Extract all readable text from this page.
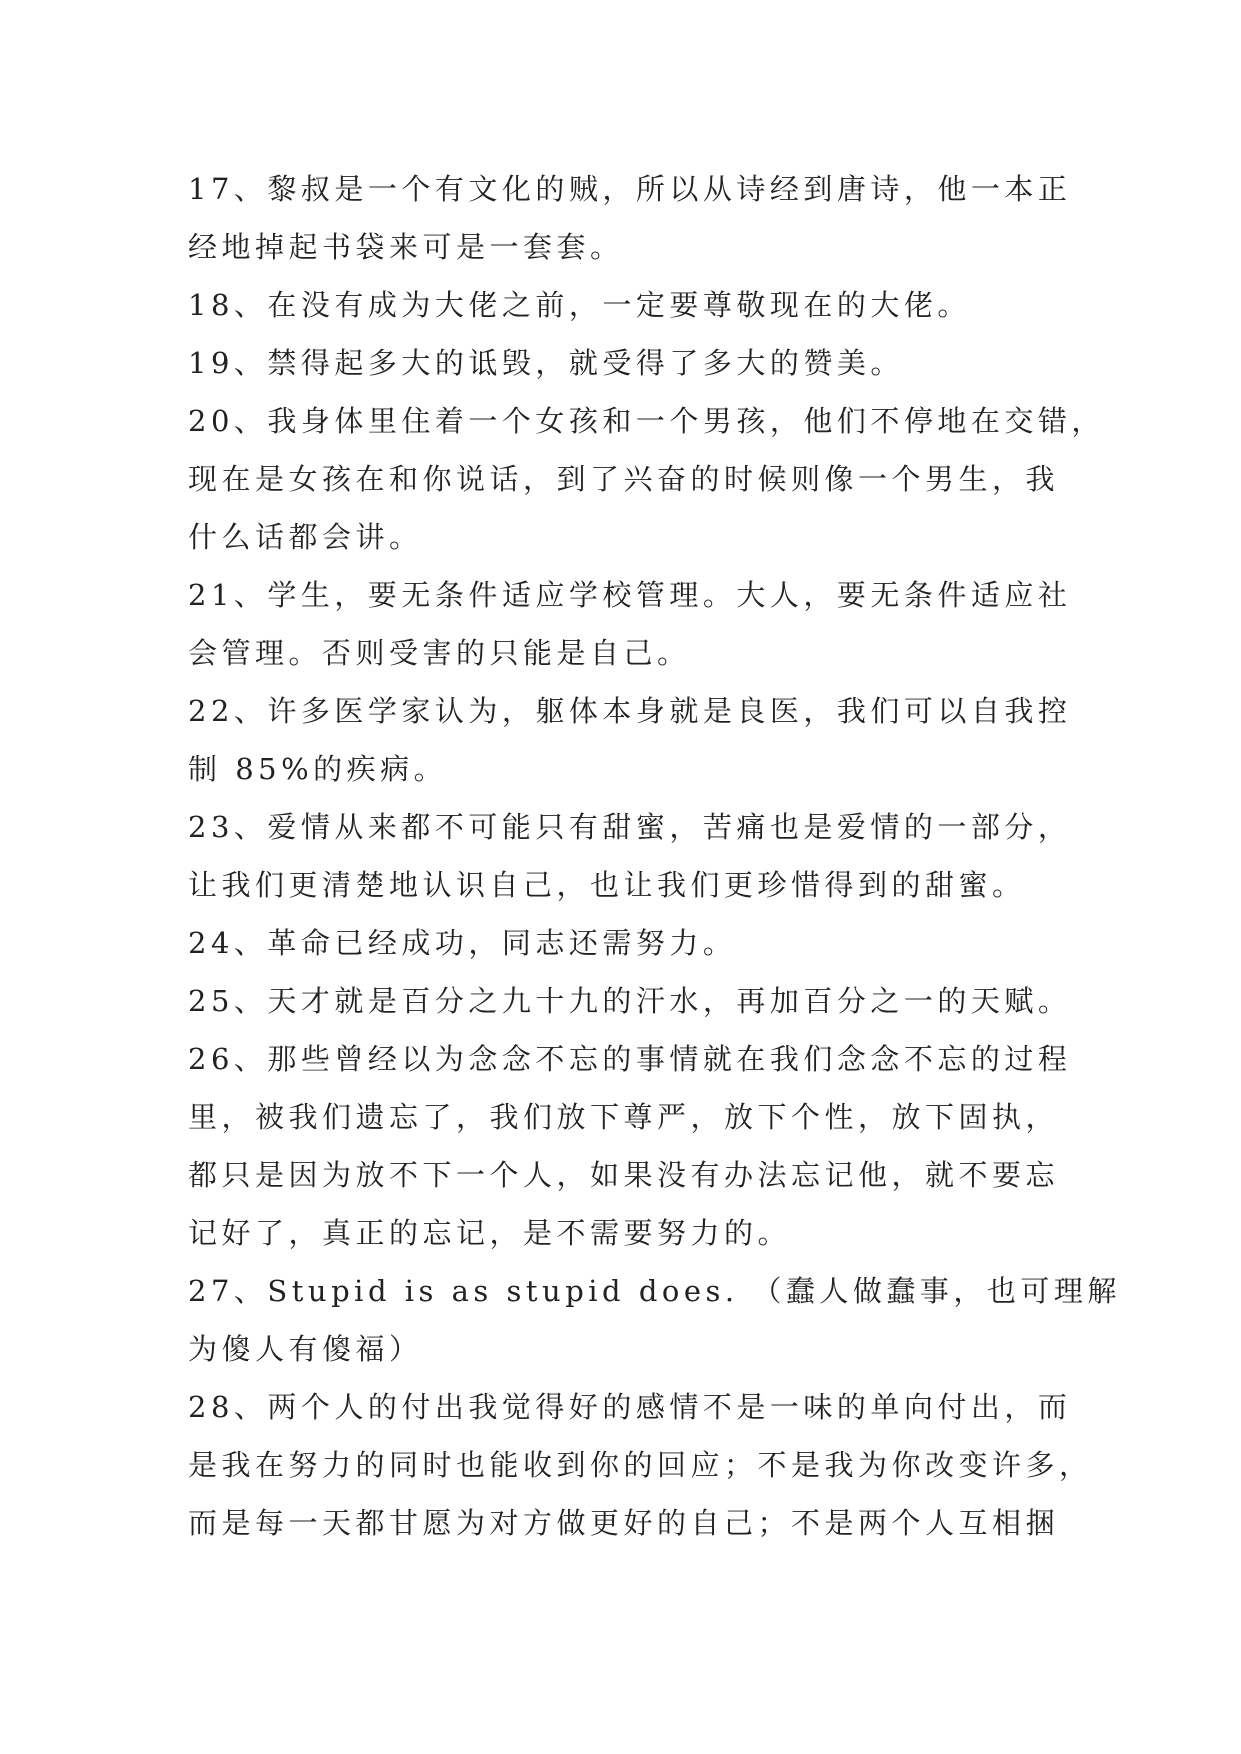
17、黎叔是一个有文化的贼，所以从诗经到唐诗，他一本正
经地掉起书袋来可是一套套。
18、在没有成为大佬之前，一定要尊敬现在的大佬。
19、禁得起多大的诋毁，就受得了多大的赞美。
20、我身体里住着一个女孩和一个男孩，他们不停地在交错，
现在是女孩在和你说话，到了兴奋的时候则像一个男生，我
什么话都会讲。
21、学生，要无条件适应学校管理。大人，要无条件适应社
会管理。否则受害的只能是自己。
22、许多医学家认为，躯体本身就是良医，我们可以自我控
制 85%的疾病。
23、爱情从来都不可能只有甜蜜，苦痛也是爱情的一部分，
让我们更清楚地认识自己，也让我们更珍惜得到的甜蜜。
24、革命已经成功，同志还需努力。
25、天才就是百分之九十九的汗水，再加百分之一的天赋。
26、那些曾经以为念念不忘的事情就在我们念念不忘的过程
里，被我们遗忘了，我们放下尊严，放下个性，放下固执，
都只是因为放不下一个人，如果没有办法忘记他，就不要忘
记好了，真正的忘记，是不需要努力的。
27、Stupid is as stupid does. （蠢人做蠢事，也可理解
为傻人有傻福）
28、两个人的付出我觉得好的感情不是一味的单向付出，而
是我在努力的同时也能收到你的回应；不是我为你改变许多，
而是每一天都甘愿为对方做更好的自己；不是两个人互相捆
